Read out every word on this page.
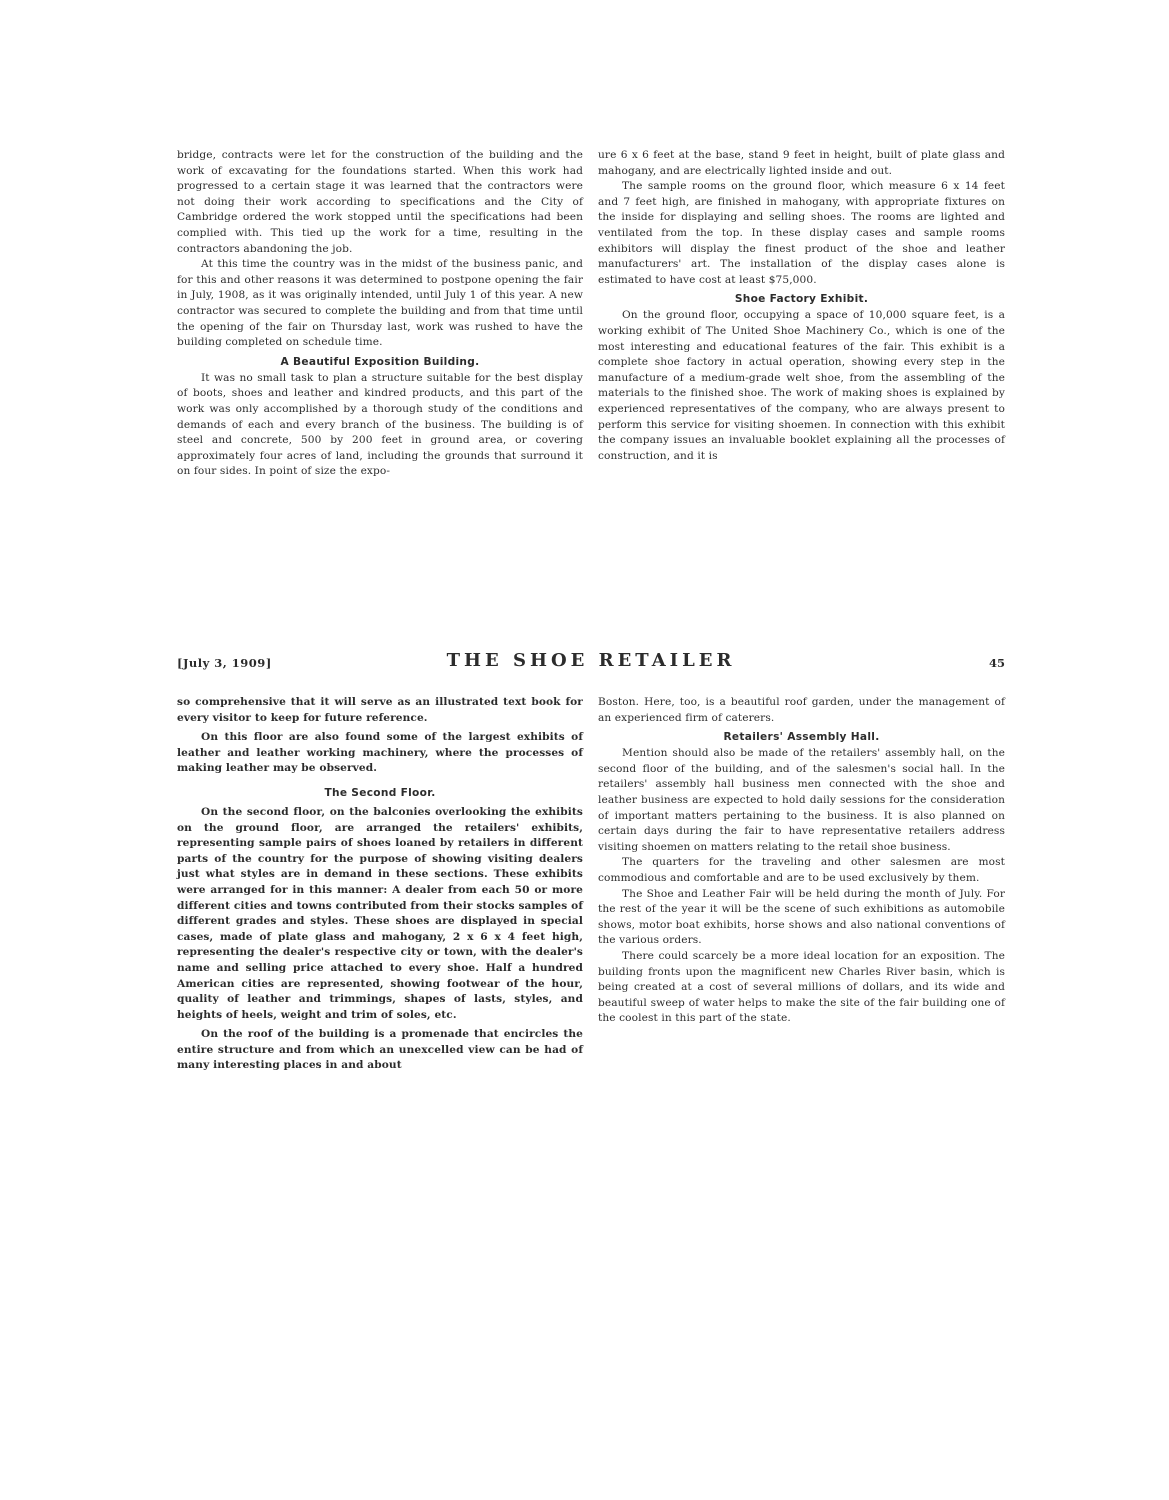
bridge, contracts were let for the construction of the building and the work of excavating for the foundations started. When this work had progressed to a certain stage it was learned that the contractors were not doing their work according to specifications and the City of Cambridge ordered the work stopped until the specifications had been complied with. This tied up the work for a time, resulting in the contractors abandoning the job.

At this time the country was in the midst of the business panic, and for this and other reasons it was determined to postpone opening the fair in July, 1908, as it was originally intended, until July 1 of this year. A new contractor was secured to complete the building and from that time until the opening of the fair on Thursday last, work was rushed to have the building completed on schedule time.

A Beautiful Exposition Building.

It was no small task to plan a structure suitable for the best display of boots, shoes and leather and kindred products, and this part of the work was only accomplished by a thorough study of the conditions and demands of each and every branch of the business. The building is of steel and concrete, 500 by 200 feet in ground area, or covering approximately four acres of land, including the grounds that surround it on four sides. In point of size the expo-

ure 6 x 6 feet at the base, stand 9 feet in height, built of plate glass and mahogany, and are electrically lighted inside and out.

The sample rooms on the ground floor, which measure 6 x 14 feet and 7 feet high, are finished in mahogany, with appropriate fixtures on the inside for displaying and selling shoes. The rooms are lighted and ventilated from the top. In these display cases and sample rooms exhibitors will display the finest product of the shoe and leather manufacturers' art. The installation of the display cases alone is estimated to have cost at least $75,000.

Shoe Factory Exhibit.

On the ground floor, occupying a space of 10,000 square feet, is a working exhibit of The United Shoe Machinery Co., which is one of the most interesting and educational features of the fair. This exhibit is a complete shoe factory in actual operation, showing every step in the manufacture of a medium-grade welt shoe, from the assembling of the materials to the finished shoe. The work of making shoes is explained by experienced representatives of the company, who are always present to perform this service for visiting shoemen. In connection with this exhibit the company issues an invaluable booklet explaining all the processes of construction, and it is

[July 3, 1909]	THE SHOE RETAILER	45

so comprehensive that it will serve as an illustrated text book for every visitor to keep for future reference.

On this floor are also found some of the largest exhibits of leather and leather working machinery, where the processes of making leather may be observed.

The Second Floor.

On the second floor, on the balconies overlooking the exhibits on the ground floor, are arranged the retailers' exhibits, representing sample pairs of shoes loaned by retailers in different parts of the country for the purpose of showing visiting dealers just what styles are in demand in these sections. These exhibits were arranged for in this manner: A dealer from each 50 or more different cities and towns contributed from their stocks samples of different grades and styles. These shoes are displayed in special cases, made of plate glass and mahogany, 2 x 6 x 4 feet high, representing the dealer's respective city or town, with the dealer's name and selling price attached to every shoe. Half a hundred American cities are represented, showing footwear of the hour, quality of leather and trimmings, shapes of lasts, styles, and heights of heels, weight and trim of soles, etc.

On the roof of the building is a promenade that encircles the entire structure and from which an unexcelled view can be had of many interesting places in and about

Boston. Here, too, is a beautiful roof garden, under the management of an experienced firm of caterers.

Retailers' Assembly Hall.

Mention should also be made of the retailers' assembly hall, on the second floor of the building, and of the salesmen's social hall. In the retailers' assembly hall business men connected with the shoe and leather business are expected to hold daily sessions for the consideration of important matters pertaining to the business. It is also planned on certain days during the fair to have representative retailers address visiting shoemen on matters relating to the retail shoe business.

The quarters for the traveling and other salesmen are most commodious and comfortable and are to be used exclusively by them.

The Shoe and Leather Fair will be held during the month of July. For the rest of the year it will be the scene of such exhibitions as automobile shows, motor boat exhibits, horse shows and also national conventions of the various orders.

There could scarcely be a more ideal location for an exposition. The building fronts upon the magnificent new Charles River basin, which is being created at a cost of several millions of dollars, and its wide and beautiful sweep of water helps to make the site of the fair building one of the coolest in this part of the state.
